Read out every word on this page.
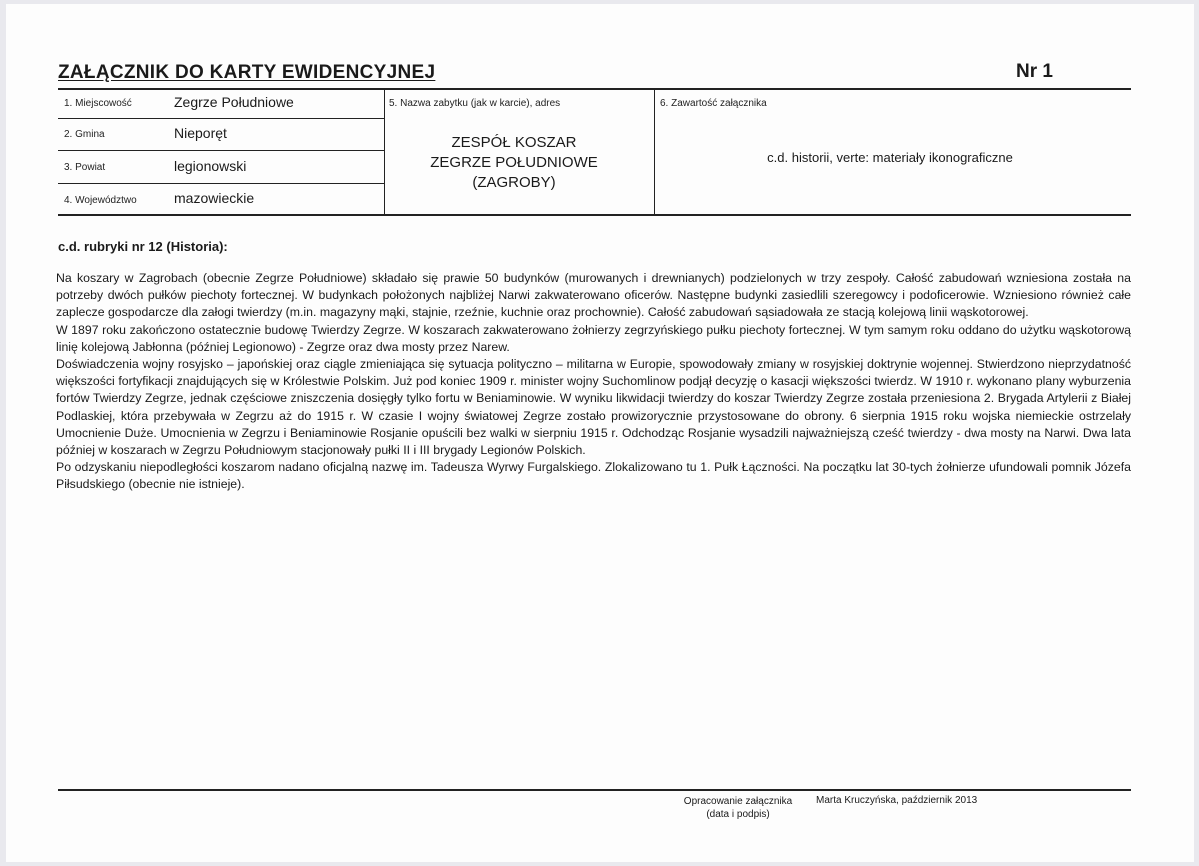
ZAŁĄCZNIK DO KARTY EWIDENCYJNEJ	Nr 1
1. Miejscowość	Zegrze Południowe
2. Gmina	Nieporęt
3. Powiat	legionowski
4. Województwo	mazowieckie
5. Nazwa zabytku (jak w karcie), adres
ZESPÓŁ KOSZAR
ZEGRZE POŁUDNIOWE
(ZAGROBY)
6. Zawartość załącznika
c.d. historii, verte: materiały ikonograficzne
c.d. rubryki nr 12 (Historia):

Na koszary w Zagrobach (obecnie Zegrze Południowe) składało się prawie 50 budynków (murowanych i drewnianych) podzielonych w trzy zespoły. Całość zabudowań wzniesiona została na potrzeby dwóch pułków piechoty fortecznej. W budynkach położonych najbliżej Narwi zakwaterowano oficerów. Następne budynki zasiedlili szeregowcy i podoficerowie. Wzniesiono również całe zaplecze gospodarcze dla załogi twierdzy (m.in. magazyny mąki, stajnie, rzeźnie, kuchnie oraz prochownie). Całość zabudowań sąsiadowała ze stacją kolejową linii wąskotorowej.

W 1897 roku zakończono ostatecznie budowę Twierdzy Zegrze. W koszarach zakwaterowano żołnierzy zegrzyńskiego pułku piechoty fortecznej. W tym samym roku oddano do użytku wąskotorową linię kolejową Jabłonna (później Legionowo) - Zegrze oraz dwa mosty przez Narew.

Doświadczenia wojny rosyjsko – japońskiej oraz ciągle zmieniająca się sytuacja polityczno – militarna w Europie, spowodowały zmiany w rosyjskiej doktrynie wojennej. Stwierdzono nieprzydatność większości fortyfikacji znajdujących się w Królestwie Polskim. Już pod koniec 1909 r. minister wojny Suchomlinow podjął decyzję o kasacji większości twierdz. W 1910 r. wykonano plany wyburzenia fortów Twierdzy Zegrze, jednak częściowe zniszczenia dosięgły tylko fortu w Beniaminowie. W wyniku likwidacji twierdzy do koszar Twierdzy Zegrze została przeniesiona 2. Brygada Artylerii z Białej Podlaskiej, która przebywała w Zegrzu aż do 1915 r. W czasie I wojny światowej Zegrze zostało prowizorycznie przystosowane do obrony. 6 sierpnia 1915 roku wojska niemieckie ostrzelały Umocnienie Duże. Umocnienia w Zegrzu i Beniaminowie Rosjanie opuścili bez walki w sierpniu 1915 r. Odchodząc Rosjanie wysadzili najważniejszą cześć twierdzy - dwa mosty na Narwi. Dwa lata później w koszarach w Zegrzu Południowym stacjonowały pułki II i III brygady Legionów Polskich.

Po odzyskaniu niepodległości koszarom nadano oficjalną nazwę im. Tadeusza Wyrwy Furgalskiego. Zlokalizowano tu 1. Pułk Łączności. Na początku lat 30-tych żołnierze ufundowali pomnik Józefa Piłsudskiego (obecnie nie istnieje).

Opracowanie załącznika
(data i podpis)
Marta Kruczyńska, październik 2013
